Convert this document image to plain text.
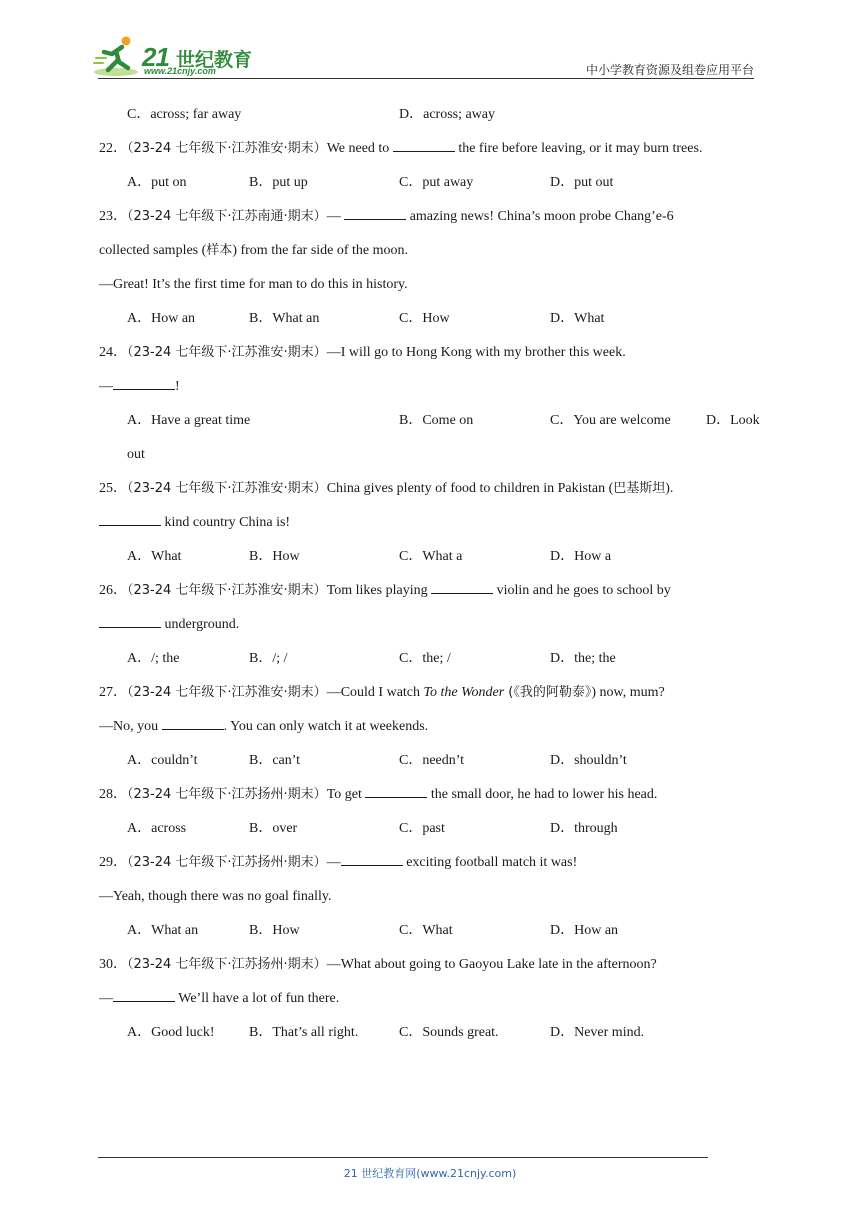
21 世纪教育
www.21cnjy.com	中小学教育资源及组卷应用平台
C．across; far away	D．across; away
22．（23-24 七年级下·江苏淮安·期末）We need to	the fire before leaving, or it may burn trees.
A．put on	B．put up	C．put away	D．put out
23．（23-24 七年级下·江苏南通·期末）—	amazing news! China’s moon probe Chang’e-6
collected samples (样本) from the far side of the moon.
—Great! It’s the first time for man to do this in history.
A．How an	B．What an	C．How	D．What
24．（23-24 七年级下·江苏淮安·期末）—I will go to Hong Kong with my brother this week.
—	!
A．Have a great time	B．Come on	C．You are welcome	D．Look
out
25．（23-24 七年级下·江苏淮安·期末）China gives plenty of food to children in Pakistan (巴基斯坦).
kind country China is!
A．What	B．How	C．What a	D．How a
26．（23-24 七年级下·江苏淮安·期末）Tom likes playing	violin and he goes to school by
underground.
A．/; the	B．/; /	C．the; /	D．the; the
27．（23-24 七年级下·江苏淮安·期末）—Could I watch To the Wonder (《我的阿勒泰》) now, mum?
—No, you	. You can only watch it at weekends.
A．couldn’t	B．can’t	C．needn’t	D．shouldn’t
28．（23-24 七年级下·江苏扬州·期末）To get	the small door, he had to lower his head.
A．across	B．over	C．past	D．through
29．（23-24 七年级下·江苏扬州·期末）—	exciting football match it was!
—Yeah, though there was no goal finally.
A．What an	B．How	C．What	D．How an
30．（23-24 七年级下·江苏扬州·期末）—What about going to Gaoyou Lake late in the afternoon?
—	We’ll have a lot of fun there.
A．Good luck! B．That’s all right.	C．Sounds great.	D．Never mind.
21 世纪教育网(www.21cnjy.com)
